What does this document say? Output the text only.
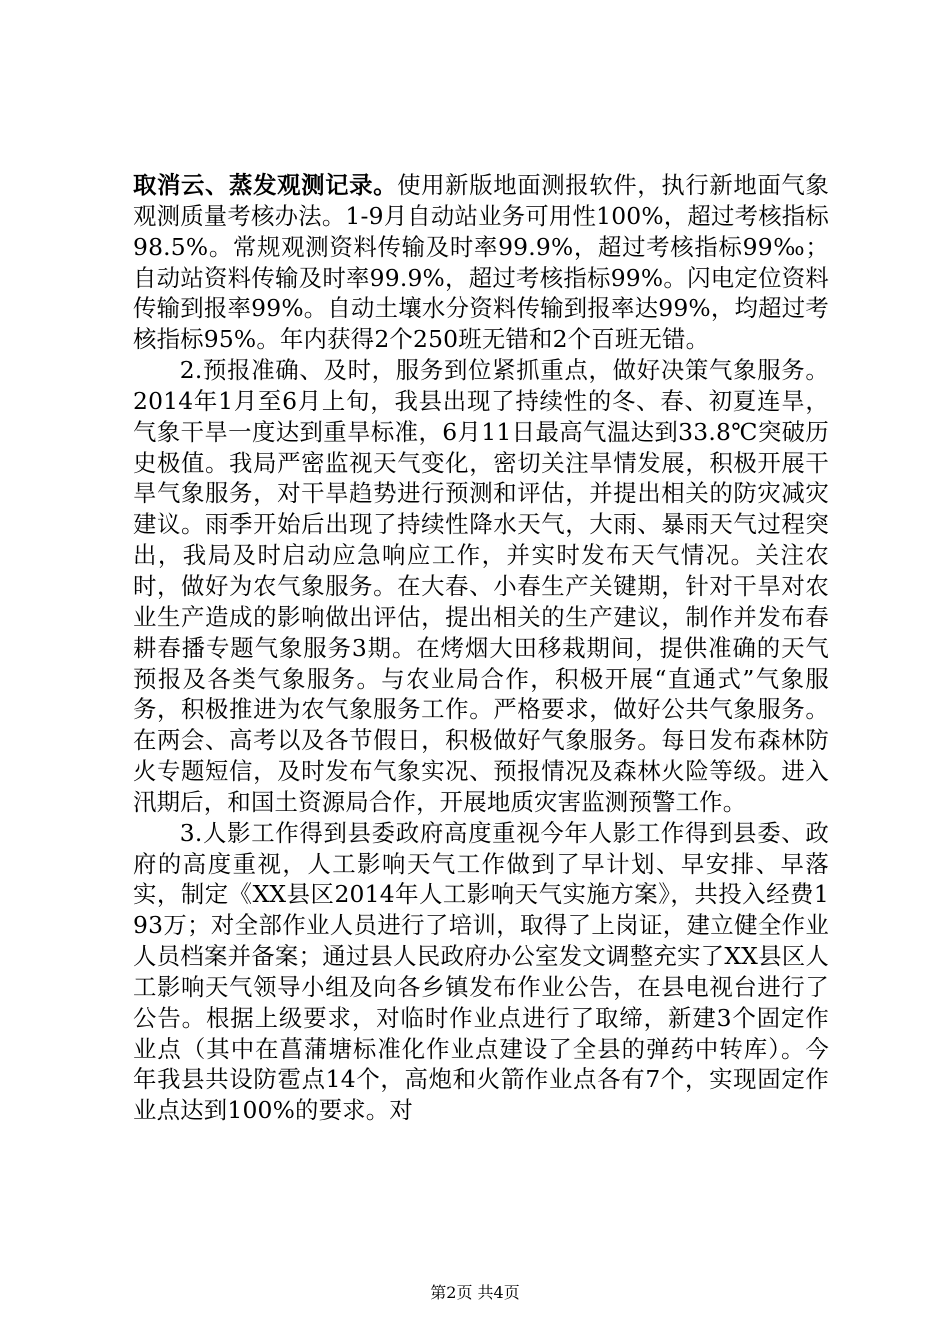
取消云、蒸发观测记录。使用新版地面测报软件，执行新地面气象观测质量考核办法。1-9月自动站业务可用性100%，超过考核指标98.5%。常规观测资料传输及时率99.9%，超过考核指标99‰；自动站资料传输及时率99.9%，超过考核指标99%。闪电定位资料传输到报率99%。自动土壤水分资料传输到报率达99%，均超过考核指标95%。年内获得2个250班无错和2个百班无错。

2.预报准确、及时，服务到位紧抓重点，做好决策气象服务。2014年1月至6月上旬，我县出现了持续性的冬、春、初夏连旱，气象干旱一度达到重旱标准，6月11日最高气温达到33.8℃突破历史极值。我局严密监视天气变化，密切关注旱情发展，积极开展干旱气象服务，对干旱趋势进行预测和评估，并提出相关的防灾减灾建议。雨季开始后出现了持续性降水天气，大雨、暴雨天气过程突出，我局及时启动应急响应工作，并实时发布天气情况。关注农时，做好为农气象服务。在大春、小春生产关键期，针对干旱对农业生产造成的影响做出评估，提出相关的生产建议，制作并发布春耕春播专题气象服务3期。在烤烟大田移栽期间，提供准确的天气预报及各类气象服务。与农业局合作，积极开展“直通式”气象服务，积极推进为农气象服务工作。严格要求，做好公共气象服务。在两会、高考以及各节假日，积极做好气象服务。每日发布森林防火专题短信，及时发布气象实况、预报情况及森林火险等级。进入汛期后，和国土资源局合作，开展地质灾害监测预警工作。

3.人影工作得到县委政府高度重视今年人影工作得到县委、政府的高度重视，人工影响天气工作做到了早计划、早安排、早落实，制定《XX县区2014年人工影响天气实施方案》，共投入经费193万；对全部作业人员进行了培训，取得了上岗证，建立健全作业人员档案并备案；通过县人民政府办公室发文调整充实了XX县区人工影响天气领导小组及向各乡镇发布作业公告，在县电视台进行了公告。根据上级要求，对临时作业点进行了取缔，新建3个固定作业点（其中在菖蒲塘标准化作业点建设了全县的弹药中转库）。今年我县共设防雹点14个，高炮和火箭作业点各有7个，实现固定作业点达到100%的要求。对

第2页 共4页
